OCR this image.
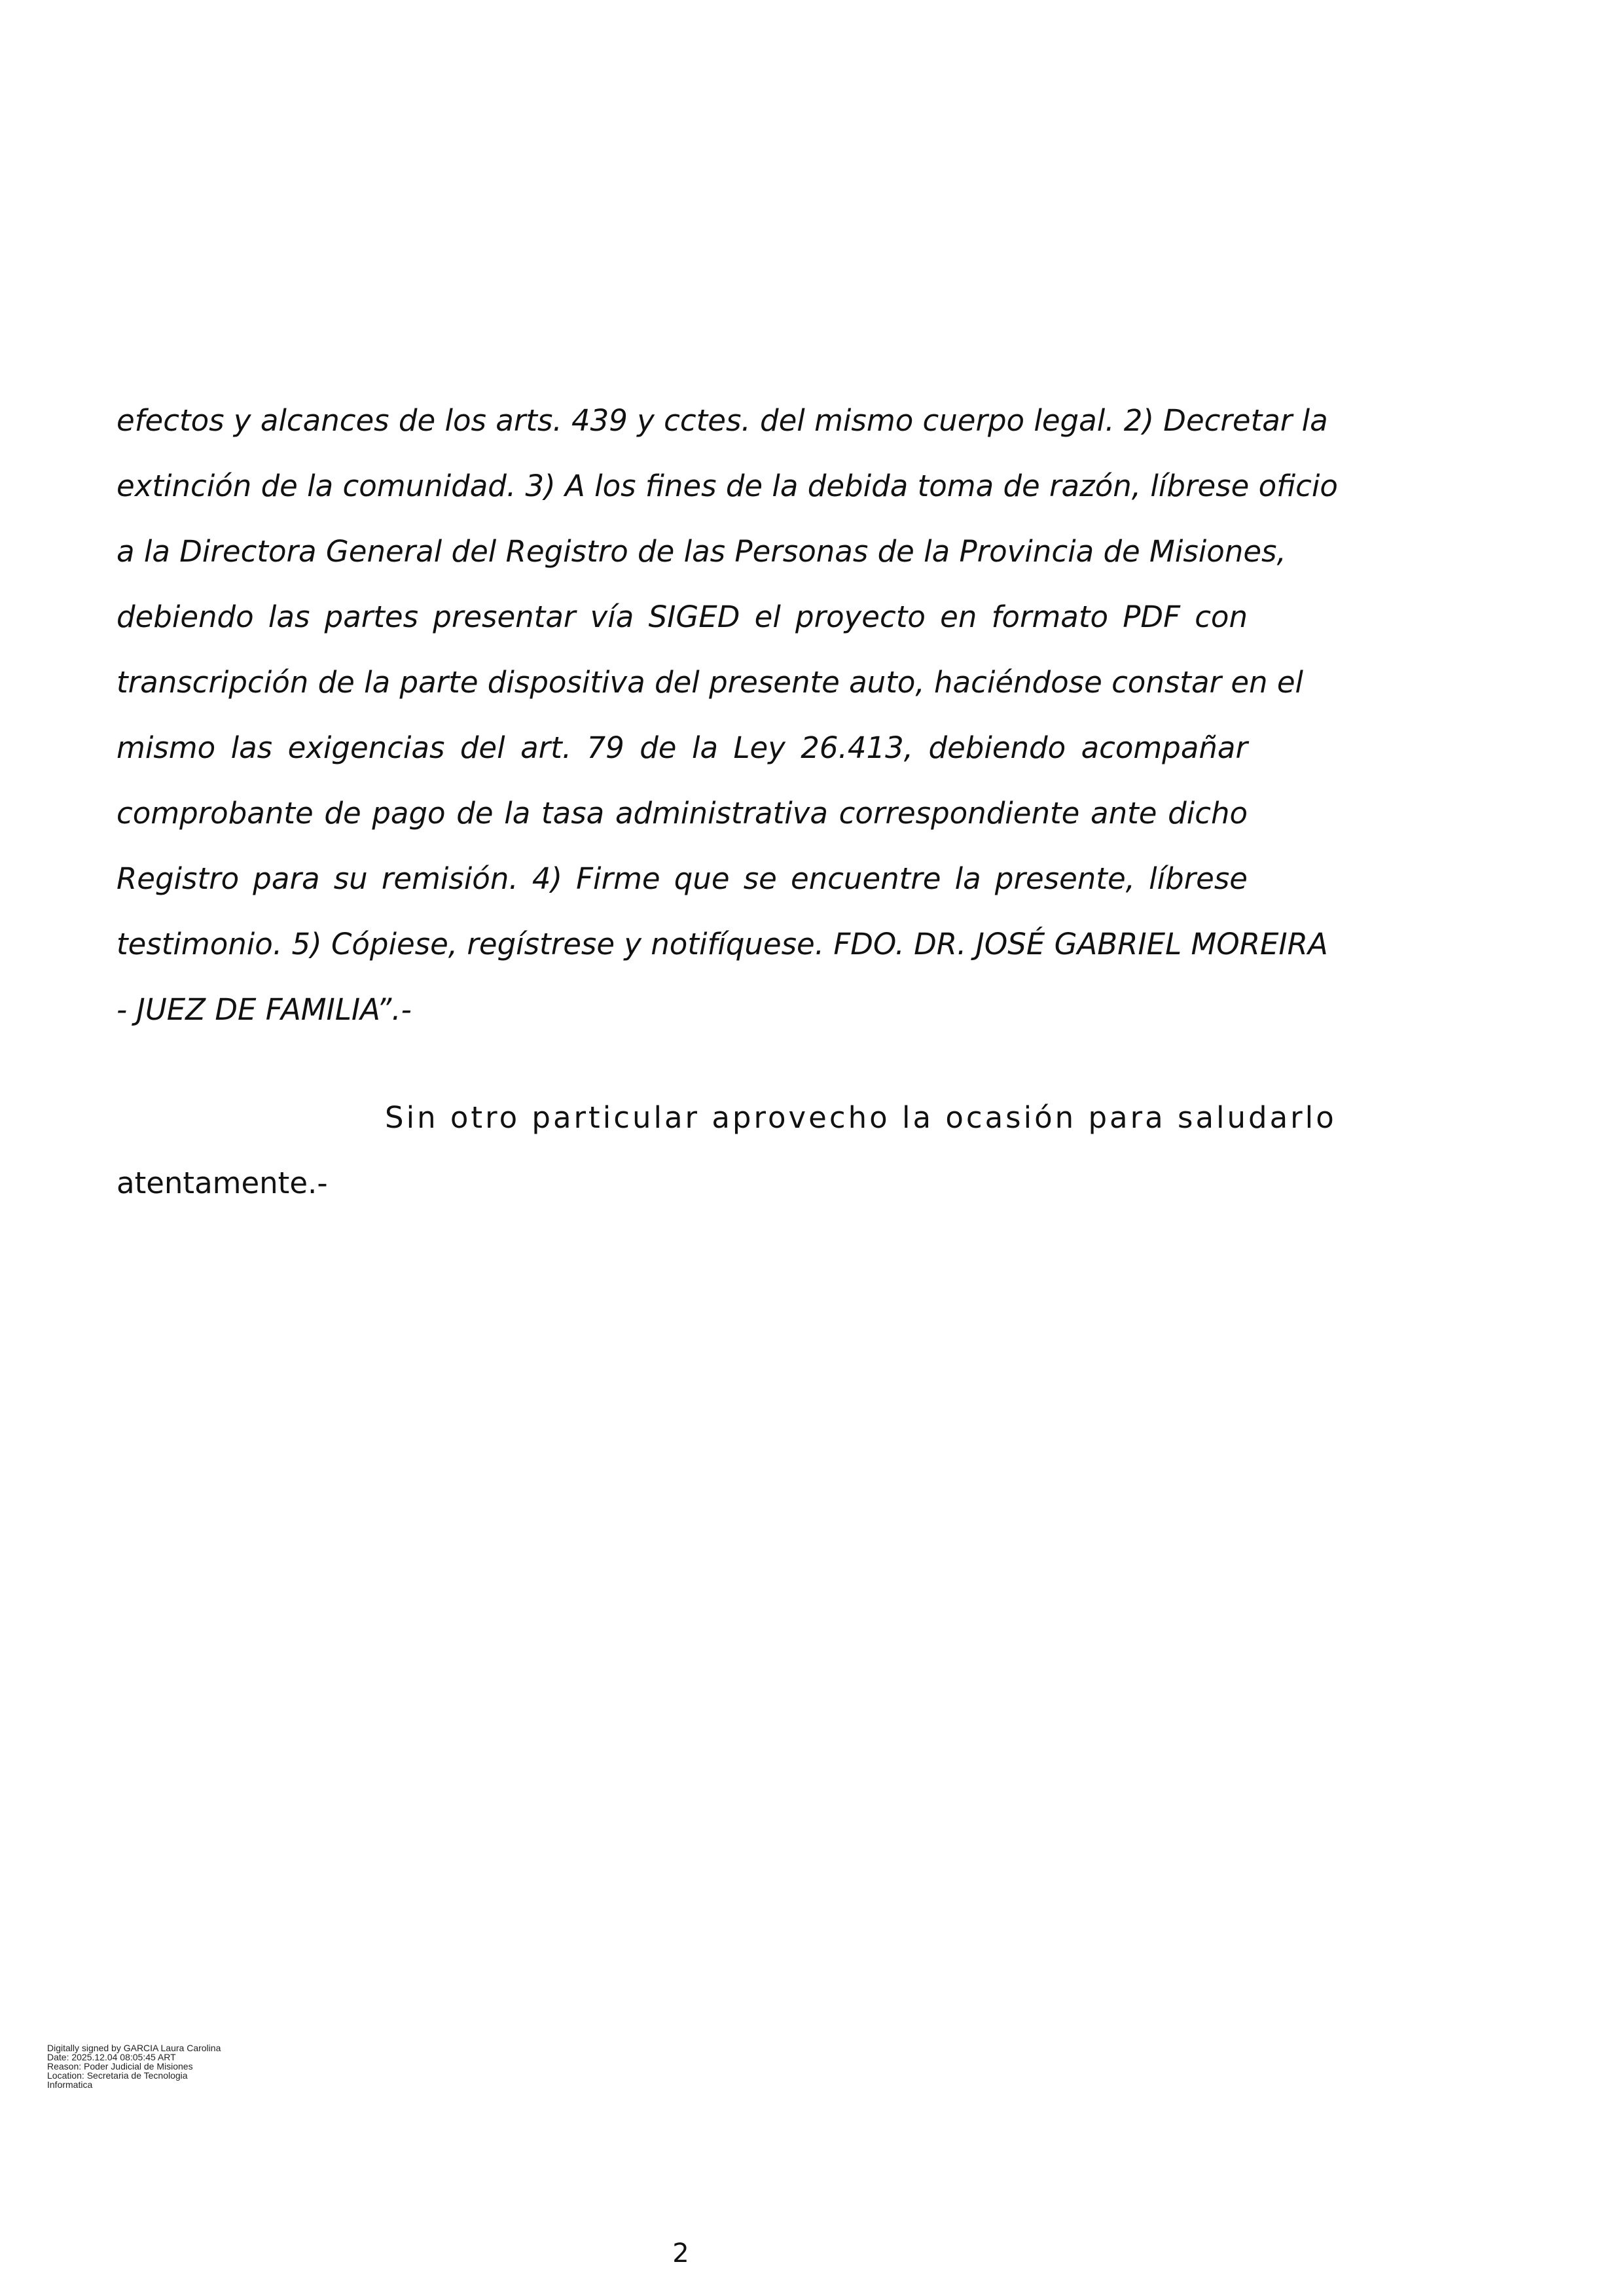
efectos y alcances de los arts. 439 y cctes. del mismo cuerpo legal. 2) Decretar la
extinción de la comunidad. 3) A los fines de la debida toma de razón, líbrese oficio
a la Directora General del Registro de las Personas de la Provincia de Misiones,
debiendo las partes presentar vía SIGED el proyecto en formato PDF con
transcripción de la parte dispositiva del presente auto, haciéndose constar en el
mismo las exigencias del art. 79 de la Ley 26.413, debiendo acompañar
comprobante de pago de la tasa administrativa correspondiente ante dicho
Registro para su remisión. 4) Firme que se encuentre la presente, líbrese
testimonio. 5) Cópiese, regístrese y notifíquese. FDO. DR. JOSÉ GABRIEL MOREIRA
- JUEZ DE FAMILIA”.-
Sin otro particular aprovecho la ocasión para saludarlo
atentamente.-
Digitally signed by GARCIA Laura Carolina
Date: 2025.12.04 08:05:45 ART
Reason: Poder Judicial de Misiones
Location: Secretaria de Tecnologia
Informatica
2
